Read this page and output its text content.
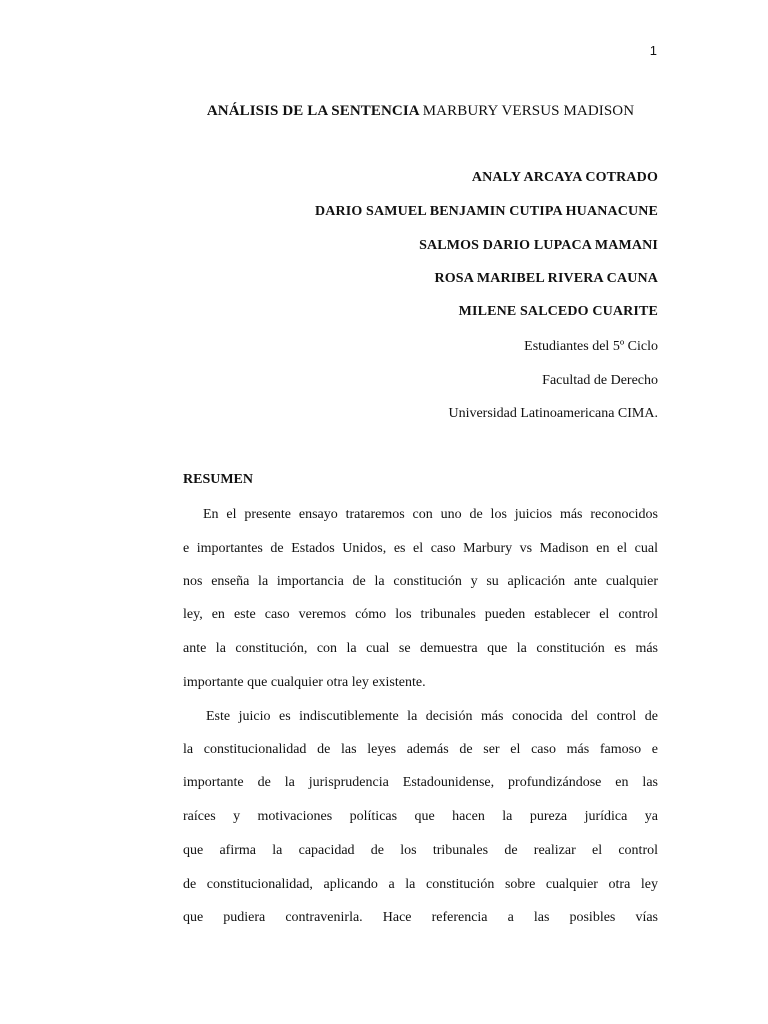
1
ANÁLISIS DE LA SENTENCIA MARBURY VERSUS MADISON
ANALY ARCAYA COTRADO
DARIO SAMUEL BENJAMIN CUTIPA HUANACUNE
SALMOS DARIO LUPACA MAMANI
ROSA MARIBEL RIVERA CAUNA
MILENE SALCEDO CUARITE
Estudiantes del 5º Ciclo
Facultad de Derecho
Universidad Latinoamericana CIMA.
RESUMEN
En el presente ensayo trataremos con uno de los juicios más reconocidos
e importantes de Estados Unidos, es el caso Marbury vs Madison en el cual
nos enseña la importancia de la constitución y su aplicación ante cualquier
ley, en este caso veremos cómo los tribunales pueden establecer el control
ante la constitución, con la cual se demuestra que la constitución es más
importante que cualquier otra ley existente.
Este juicio es indiscutiblemente la decisión más conocida del control de
la constitucionalidad de las leyes además de ser el caso más famoso e
importante de la jurisprudencia Estadounidense, profundizándose en las
raíces y motivaciones políticas que hacen la pureza jurídica ya
que afirma la capacidad de los tribunales de realizar el control
de constitucionalidad, aplicando a la constitución sobre cualquier otra ley
que pudiera contravenirla. Hace referencia a las posibles vías
